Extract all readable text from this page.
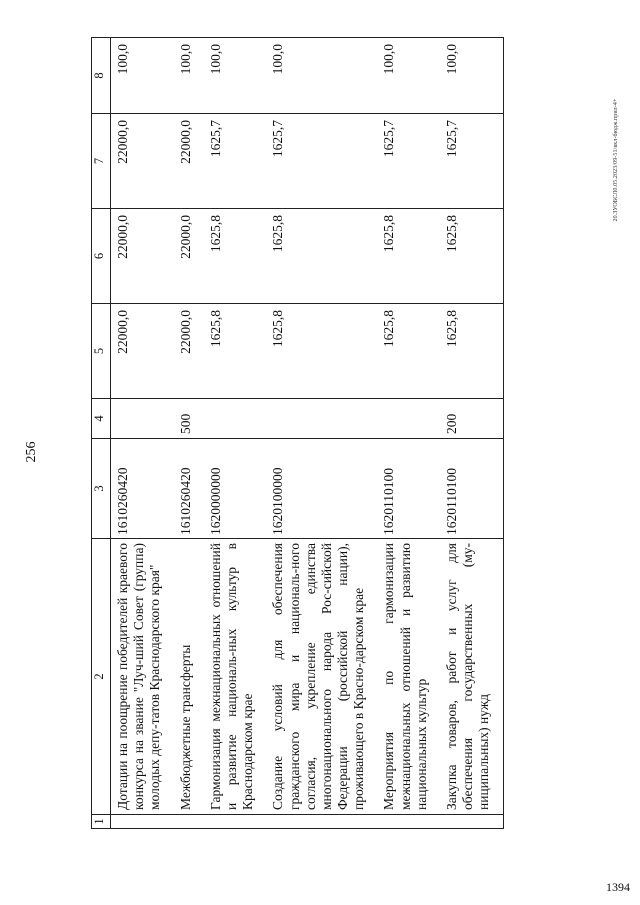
256
20.ЗУОБСЛ0.05.2023/09-51/вкл-бюдж.прил-4+
1394
1	2	3	4	5	6	7	8
	Дотации на поощрение победителей краевого конкурса на звание "Луч-ший Совет (группа) молодых депу-татов Краснодарского края"	1610260420		22000,0	22000,0	22000,0	100,0
	Межбюджетные трансферты	1610260420	500	22000,0	22000,0	22000,0	100,0
	Гармонизация межнациональных отношений и развитие националь-ных культур в Краснодарском крае	1620000000		1625,8	1625,8	1625,7	100,0
	Создание условий для обеспечения гражданского мира и националь-ного согласия, укрепление единства многонационального народа Рос-сийской Федерации (российской нации), проживающего в Красно-дарском крае	1620100000		1625,8	1625,8	1625,7	100,0
	Мероприятия по гармонизации межнациональных отношений и развитию национальных культур	1620110100		1625,8	1625,8	1625,7	100,0
	Закупка товаров, работ и услуг для обеспечения государственных (му-ниципальных) нужд	1620110100	200	1625,8	1625,8	1625,7	100,0
